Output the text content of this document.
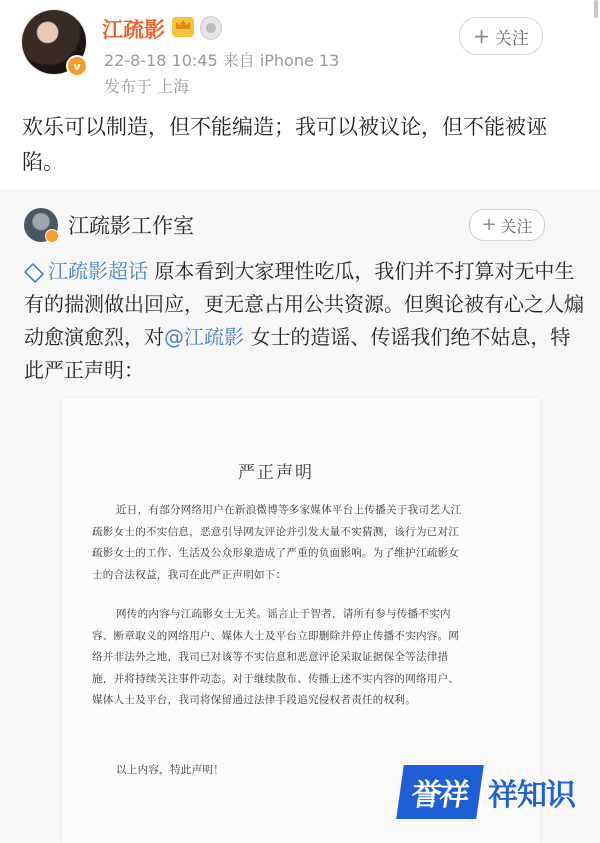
v
江疏影
22-8-18 10:45 来自 iPhone 13
发布于 上海
+ 关注
欢乐可以制造，但不能编造；我可以被议论，但不能被诬陷。
江疏影工作室	+ 关注
江疏影超话 原本看到大家理性吃瓜，我们并不打算对无中生有的揣测做出回应，更无意占用公共资源。但舆论被有心之人煽动愈演愈烈，对@江疏影 女士的造谣、传谣我们绝不姑息，特此严正声明：
严正声明
近日，有部分网络用户在新浪微博等多家媒体平台上传播关于我司艺人江疏影女士的不实信息，恶意引导网友评论并引发大量不实猜测，该行为已对江疏影女士的工作、生活及公众形象造成了严重的负面影响。为了维护江疏影女士的合法权益，我司在此严正声明如下：
网传的内容与江疏影女士无关。谣言止于智者，请所有参与传播不实内容、断章取义的网络用户、媒体人士及平台立即删除并停止传播不实内容。网络并非法外之地，我司已对该等不实信息和恶意评论采取证据保全等法律措施，并将持续关注事件动态。对于继续散布、传播上述不实内容的网络用户、媒体人士及平台，我司将保留通过法律手段追究侵权者责任的权利。
以上内容，特此声明！
誉祥 祥知识
